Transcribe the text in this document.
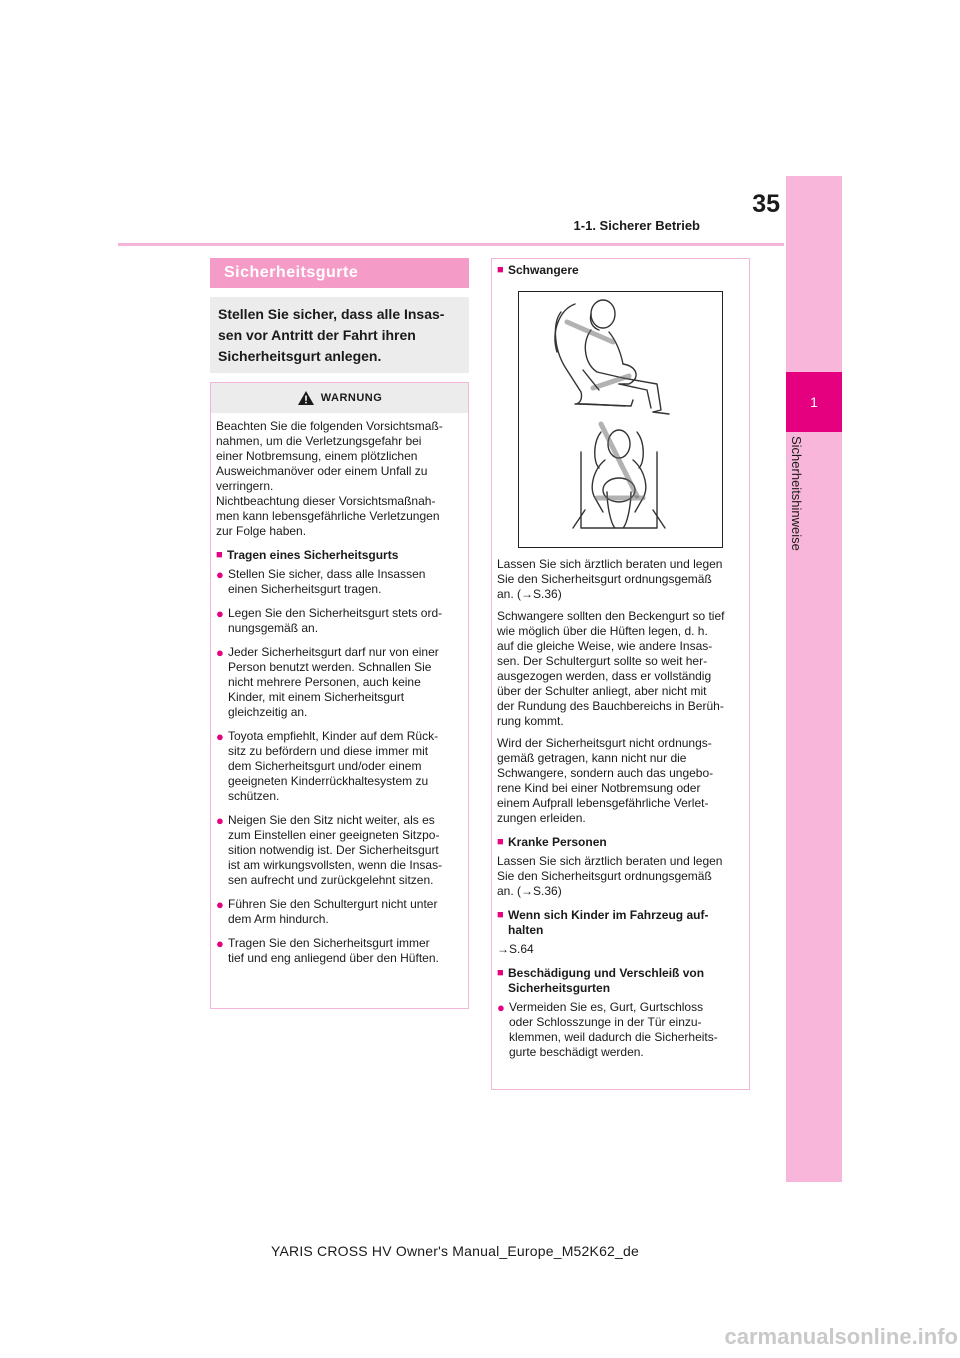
35
1-1. Sicherer Betrieb
1
Sicherheitshinweise
Sicherheitsgurte
Stellen Sie sicher, dass alle Insas-
sen vor Antritt der Fahrt ihren
Sicherheitsgurt anlegen.
WARNUNG
Beachten Sie die folgenden Vorsichtsmaß-
nahmen, um die Verletzungsgefahr bei
einer Notbremsung, einem plötzlichen
Ausweichmanöver oder einem Unfall zu
verringern.
Nichtbeachtung dieser Vorsichtsmaßnah-
men kann lebensgefährliche Verletzungen
zur Folge haben.
■ Tragen eines Sicherheitsgurts
● Stellen Sie sicher, dass alle Insassen
einen Sicherheitsgurt tragen.
● Legen Sie den Sicherheitsgurt stets ord-
nungsgemäß an.
● Jeder Sicherheitsgurt darf nur von einer
Person benutzt werden. Schnallen Sie
nicht mehrere Personen, auch keine
Kinder, mit einem Sicherheitsgurt
gleichzeitig an.
● Toyota empfiehlt, Kinder auf dem Rück-
sitz zu befördern und diese immer mit
dem Sicherheitsgurt und/oder einem
geeigneten Kinderrückhaltesystem zu
schützen.
● Neigen Sie den Sitz nicht weiter, als es
zum Einstellen einer geeigneten Sitzpo-
sition notwendig ist. Der Sicherheitsgurt
ist am wirkungsvollsten, wenn die Insas-
sen aufrecht und zurückgelehnt sitzen.
● Führen Sie den Schultergurt nicht unter
dem Arm hindurch.
● Tragen Sie den Sicherheitsgurt immer
tief und eng anliegend über den Hüften.
■ Schwangere
Lassen Sie sich ärztlich beraten und legen
Sie den Sicherheitsgurt ordnungsgemäß
an. (→S.36)
Schwangere sollten den Beckengurt so tief
wie möglich über die Hüften legen, d. h.
auf die gleiche Weise, wie andere Insas-
sen. Der Schultergurt sollte so weit her-
ausgezogen werden, dass er vollständig
über der Schulter anliegt, aber nicht mit
der Rundung des Bauchbereichs in Berüh-
rung kommt.
Wird der Sicherheitsgurt nicht ordnungs-
gemäß getragen, kann nicht nur die
Schwangere, sondern auch das ungebo-
rene Kind bei einer Notbremsung oder
einem Aufprall lebensgefährliche Verlet-
zungen erleiden.
■ Kranke Personen
Lassen Sie sich ärztlich beraten und legen
Sie den Sicherheitsgurt ordnungsgemäß
an. (→S.36)
■ Wenn sich Kinder im Fahrzeug auf-
halten
→S.64
■ Beschädigung und Verschleiß von
Sicherheitsgurten
● Vermeiden Sie es, Gurt, Gurtschloss
oder Schlosszunge in der Tür einzu-
klemmen, weil dadurch die Sicherheits-
gurte beschädigt werden.
YARIS CROSS HV Owner's Manual_Europe_M52K62_de
carmanualsonline.info
